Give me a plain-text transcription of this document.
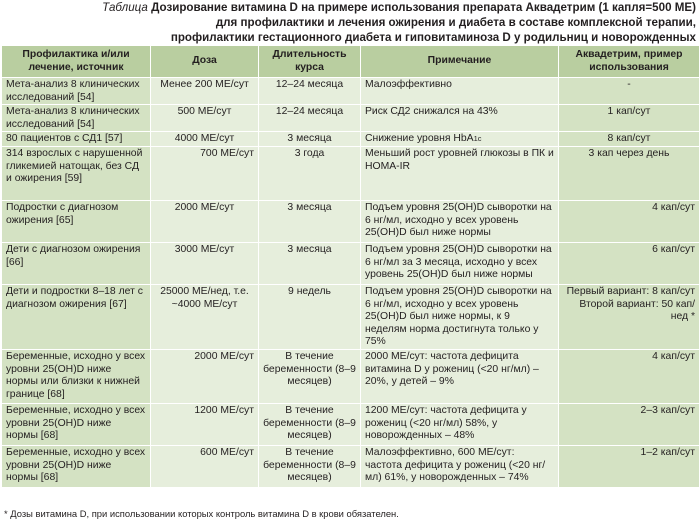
Таблица Дозирование витамина D на примере использования препарата Аквадетрим (1 капля=500 МЕ)
для профилактики и лечения ожирения и диабета в составе комплексной терапии,
профилактики гестационного диабета и гиповитаминоза D у родильниц и новорожденных
Профилактика и/или лечение, источник	Доза	Длительность курса	Примечание	Аквадетрим, пример использования
Мета-анализ 8 клинических исследований [54]	Менее 200 МЕ/сут	12–24 месяца	Малоэффективно	-
Мета-анализ 8 клинических исследований [54]	500 МЕ/сут	12–24 месяца	Риск СД2 снижался на 43%	1 кап/сут
80 пациентов с СД1 [57]	4000 МЕ/сут	3 месяца	Снижение уровня HbA1c	8 кап/сут
314 взрослых с нарушенной гликемией натощак, без СД и ожирения [59]	700 МЕ/сут	3 года	Меньший рост уровней глюкозы в ПК и HOMA-IR	3 кап через день
Подростки с диагнозом ожирения [65]	2000 МЕ/сут	3 месяца	Подъем уровня 25(OH)D сыворотки на 6 нг/мл, исходно у всех уровень 25(OH)D был ниже нормы	4 кап/сут
Дети с диагнозом ожирения [66]	3000 МЕ/сут	3 месяца	Подъем уровня 25(OH)D сыворотки на 6 нг/мл за 3 месяца, исходно у всех уровень 25(OH)D был ниже нормы	6 кап/сут
Дети и подростки 8–18 лет с диагнозом ожирения [67]	25000 МЕ/нед, т.е. ~4000 МЕ/сут	9 недель	Подъем уровня 25(OH)D сыворотки на 6 нг/мл, исходно у всех уровень 25(OH)D был ниже нормы, к 9 неделям норма достигнута только у 75%	Первый вариант: 8 кап/сут Второй вариант: 50 кап/нед *
Беременные, исходно у всех уровни 25(OH)D ниже нормы или близки к нижней границе [68]	2000 МЕ/сут	В течение беременности (8–9 месяцев)	2000 МЕ/сут: частота дефицита витамина D у рожениц (<20 нг/мл) – 20%, у детей – 9%	4 кап/сут
Беременные, исходно у всех уровни 25(OH)D ниже нормы [68]	1200 МЕ/сут	В течение беременности (8–9 месяцев)	1200 МЕ/сут: частота дефицита у рожениц (<20 нг/мл) 58%, у новорожденных – 48%	2–3 кап/сут
Беременные, исходно у всех уровни 25(OH)D ниже нормы [68]	600 МЕ/сут	В течение беременности (8–9 месяцев)	Малоэффективно, 600 МЕ/сут: частота дефицита у рожениц (<20 нг/мл) 61%, у новорожденных – 74%	1–2 кап/сут
* Дозы витамина D, при использовании которых контроль витамина D в крови обязателен.
